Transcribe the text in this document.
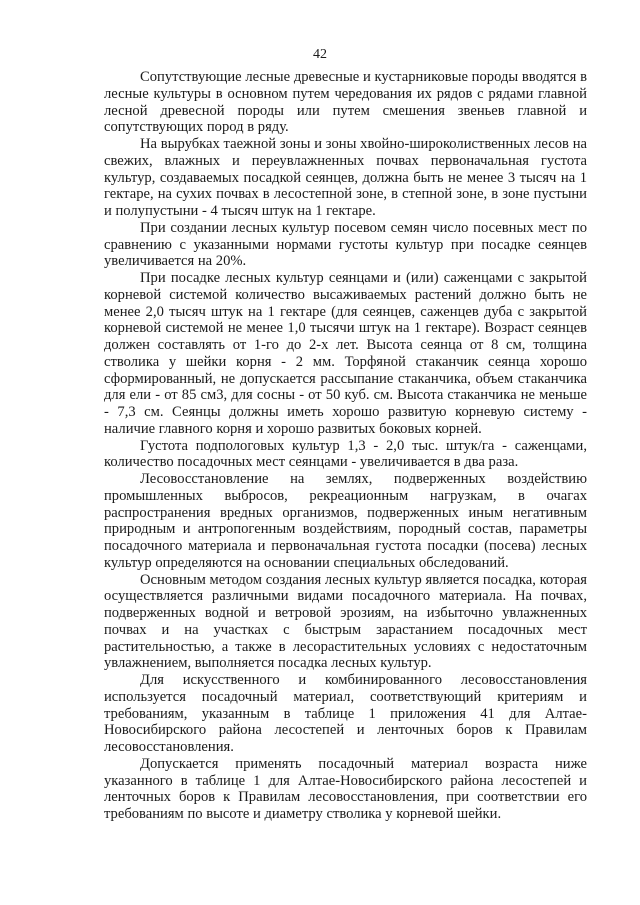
42

Сопутствующие лесные древесные и кустарниковые породы вводятся в лесные культуры в основном путем чередования их рядов с рядами главной лесной древесной породы или путем смешения звеньев главной и сопутствующих пород в ряду.

На вырубках таежной зоны и зоны хвойно-широколиственных лесов на свежих, влажных и переувлажненных почвах первоначальная густота культур, создаваемых посадкой сеянцев, должна быть не менее 3 тысяч на 1 гектаре, на сухих почвах в лесостепной зоне, в степной зоне, в зоне пустыни и полупустыни - 4 тысяч штук на 1 гектаре.

При создании лесных культур посевом семян число посевных мест по сравнению с указанными нормами густоты культур при посадке сеянцев увеличивается на 20%.

При посадке лесных культур сеянцами и (или) саженцами с закрытой корневой системой количество высаживаемых растений должно быть не менее 2,0 тысяч штук на 1 гектаре (для сеянцев, саженцев дуба с закрытой корневой системой не менее 1,0 тысячи штук на 1 гектаре). Возраст сеянцев должен составлять от 1-го до 2-х лет. Высота сеянца от 8 см, толщина стволика у шейки корня - 2 мм. Торфяной стаканчик сеянца хорошо сформированный, не допускается рассыпание стаканчика, объем стаканчика для ели - от 85 см3, для сосны - от 50 куб. см. Высота стаканчика не меньше - 7,3 см. Сеянцы должны иметь хорошо развитую корневую систему - наличие главного корня и хорошо развитых боковых корней.

Густота подпологовых культур 1,3 - 2,0 тыс. штук/га - саженцами, количество посадочных мест сеянцами - увеличивается в два раза.

Лесовосстановление на землях, подверженных воздействию промышленных выбросов, рекреационным нагрузкам, в очагах распространения вредных организмов, подверженных иным негативным природным и антропогенным воздействиям, породный состав, параметры посадочного материала и первоначальная густота посадки (посева) лесных культур определяются на основании специальных обследований.

Основным методом создания лесных культур является посадка, которая осуществляется различными видами посадочного материала. На почвах, подверженных водной и ветровой эрозиям, на избыточно увлажненных почвах и на участках с быстрым зарастанием посадочных мест растительностью, а также в лесорастительных условиях с недостаточным увлажнением, выполняется посадка лесных культур.

Для искусственного и комбинированного лесовосстановления используется посадочный материал, соответствующий критериям и требованиям, указанным в таблице 1 приложения 41 для Алтае-Новосибирского района лесостепей и ленточных боров к Правилам лесовосстановления.

Допускается применять посадочный материал возраста ниже указанного в таблице 1 для Алтае-Новосибирского района лесостепей и ленточных боров к Правилам лесовосстановления, при соответствии его требованиям по высоте и диаметру стволика у корневой шейки.
